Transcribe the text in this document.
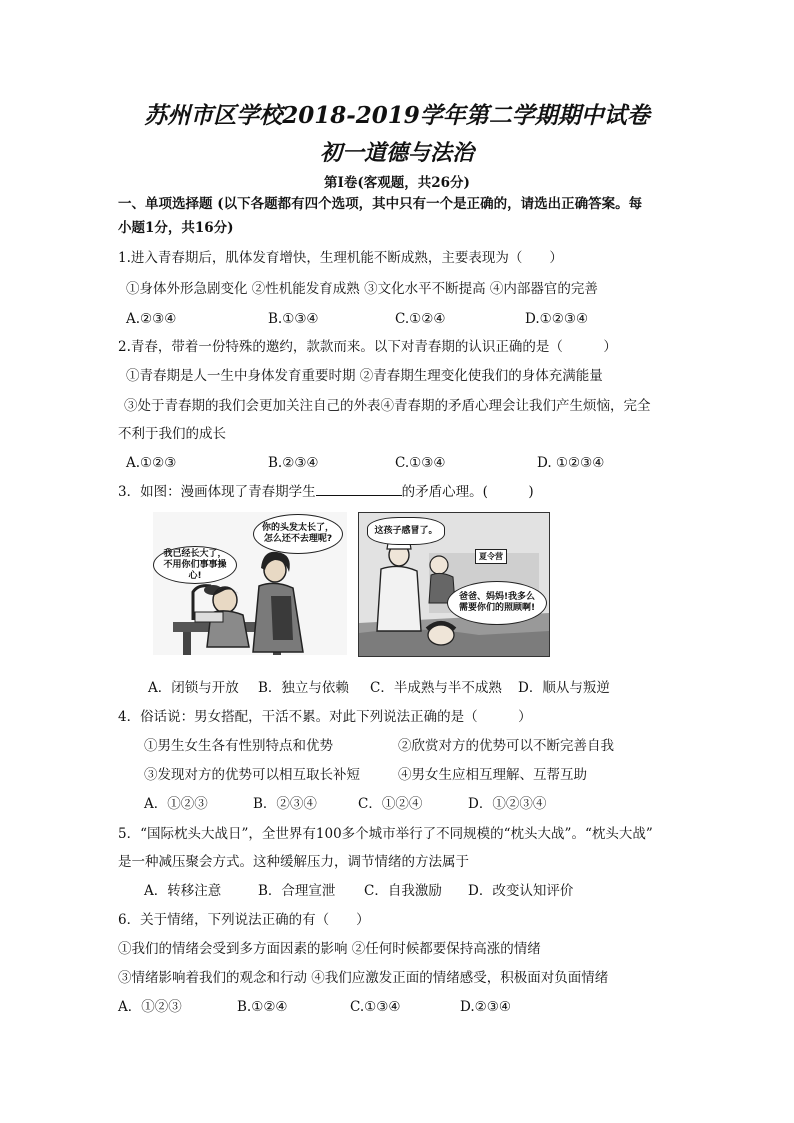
苏州市区学校2018-2019学年第二学期期中试卷
初一道德与法治
第Ⅰ卷(客观题，共26分)
一、单项选择题 (以下各题都有四个选项，其中只有一个是正确的，请选出正确答案。每
小题1分，共16分)
1.进入青春期后，肌体发育增快，生理机能不断成熟，主要表现为（　　）
①身体外形急剧变化 ②性机能发育成熟 ③文化水平不断提高 ④内部器官的完善
A.②③④	B.①③④	C.①②④	D.①②③④
2.青春，带着一份特殊的邀约，款款而来。以下对青春期的认识正确的是（　　　）
①青春期是人一生中身体发育重要时期 ②青春期生理变化使我们的身体充满能量
③处于青春期的我们会更加关注自己的外表④青春期的矛盾心理会让我们产生烦恼，完全
不利于我们的成长
A.①②③	B.②③④	C.①③④	D. ①②③④
3．如图：漫画体现了青春期学生	的矛盾心理。(　　　)
你的头发太长了，怎么还不去理呢?
我已经长大了，不用你们事事操心!
这孩子感冒了。
夏令营
爸爸、妈妈!我多么需要你们的照顾啊!
A．闭锁与开放 B．独立与依赖 C．半成熟与半不成熟 D．顺从与叛逆
4．俗话说：男女搭配，干活不累。对此下列说法正确的是（　　　）
①男生女生各有性别特点和优势	②欣赏对方的优势可以不断完善自我
③发现对方的优势可以相互取长补短	④男女生应相互理解、互帮互助
A．①②③	B．②③④	C．①②④	D．①②③④
5．“国际枕头大战日”，全世界有100多个城市举行了不同规模的“枕头大战”。“枕头大战”
是一种减压聚会方式。这种缓解压力，调节情绪的方法属于
A．转移注意	B．合理宣泄 C．自我激励 D．改变认知评价
6．关于情绪，下列说法正确的有（　　）
①我们的情绪会受到多方面因素的影响 ②任何时候都要保持高涨的情绪
③情绪影响着我们的观念和行动 ④我们应激发正面的情绪感受，积极面对负面情绪
A．①②③	B.①②④	C.①③④	D.②③④
